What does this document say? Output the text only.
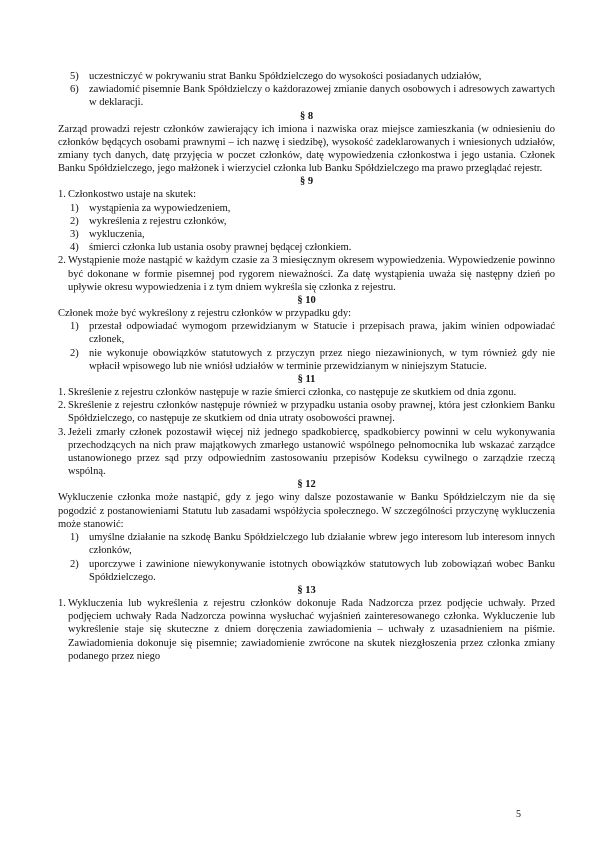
5) uczestniczyć w pokrywaniu strat Banku Spółdzielczego do wysokości posiadanych udziałów,
6) zawiadomić pisemnie Bank Spółdzielczy o każdorazowej zmianie danych osobowych i adresowych zawartych w deklaracji.

§ 8

Zarząd prowadzi rejestr członków zawierający ich imiona i nazwiska oraz miejsce zamieszkania (w odniesieniu do członków będących osobami prawnymi – ich nazwę i siedzibę), wysokość zadeklarowanych i wniesionych udziałów, zmiany tych danych, datę przyjęcia w poczet członków, datę wypowiedzenia członkostwa i jego ustania. Członek Banku Spółdzielczego, jego małżonek i wierzyciel członka lub Banku Spółdzielczego ma prawo przeglądać rejestr.

§ 9

1. Członkostwo ustaje na skutek:
1) wystąpienia za wypowiedzeniem,
2) wykreślenia z rejestru członków,
3) wykluczenia,
4) śmierci członka lub ustania osoby prawnej będącej członkiem.
2. Wystąpienie może nastąpić w każdym czasie za 3 miesięcznym okresem wypowiedzenia. Wypowiedzenie powinno być dokonane w formie pisemnej pod rygorem nieważności. Za datę wystąpienia uważa się następny dzień po upływie okresu wypowiedzenia i z tym dniem wykreśla się członka z rejestru.

§ 10

Członek może być wykreślony z rejestru członków w przypadku gdy:

1) przestał odpowiadać wymogom przewidzianym w Statucie i przepisach prawa, jakim winien odpowiadać członek,
2) nie wykonuje obowiązków statutowych z przyczyn przez niego niezawinionych, w tym również gdy nie wpłacił wpisowego lub nie wniósł udziałów w terminie przewidzianym w niniejszym Statucie.

§ 11

1. Skreślenie z rejestru członków następuje w razie śmierci członka, co następuje ze skutkiem od dnia zgonu.
2. Skreślenie z rejestru członków następuje również w przypadku ustania osoby prawnej, która jest członkiem Banku Spółdzielczego, co następuje ze skutkiem od dnia utraty osobowości prawnej.
3. Jeżeli zmarły członek pozostawił więcej niż jednego spadkobiercę, spadkobiercy powinni w celu wykonywania przechodzących na nich praw majątkowych zmarłego ustanowić wspólnego pełnomocnika lub wskazać zarządce ustanowionego przez sąd przy odpowiednim zastosowaniu przepisów Kodeksu cywilnego o zarządzie rzeczą wspólną.

§ 12

Wykluczenie członka może nastąpić, gdy z jego winy dalsze pozostawanie w Banku Spółdzielczym nie da się pogodzić z postanowieniami Statutu lub zasadami współżycia społecznego. W szczególności przyczynę wykluczenia może stanowić:

1) umyślne działanie na szkodę Banku Spółdzielczego lub działanie wbrew jego interesom lub interesom innych członków,
2) uporczywe i zawinione niewykonywanie istotnych obowiązków statutowych lub zobowiązań wobec Banku Spółdzielczego.

§ 13

1. Wykluczenia lub wykreślenia z rejestru członków dokonuje Rada Nadzorcza przez podjęcie uchwały. Przed podjęciem uchwały Rada Nadzorcza powinna wysłuchać wyjaśnień zainteresowanego członka. Wykluczenie lub wykreślenie staje się skuteczne z dniem doręczenia zawiadomienia – uchwały z uzasadnieniem na piśmie. Zawiadomienia dokonuje się pisemnie; zawiadomienie zwrócone na skutek niezgłoszenia przez członka zmiany podanego przez niego
5
